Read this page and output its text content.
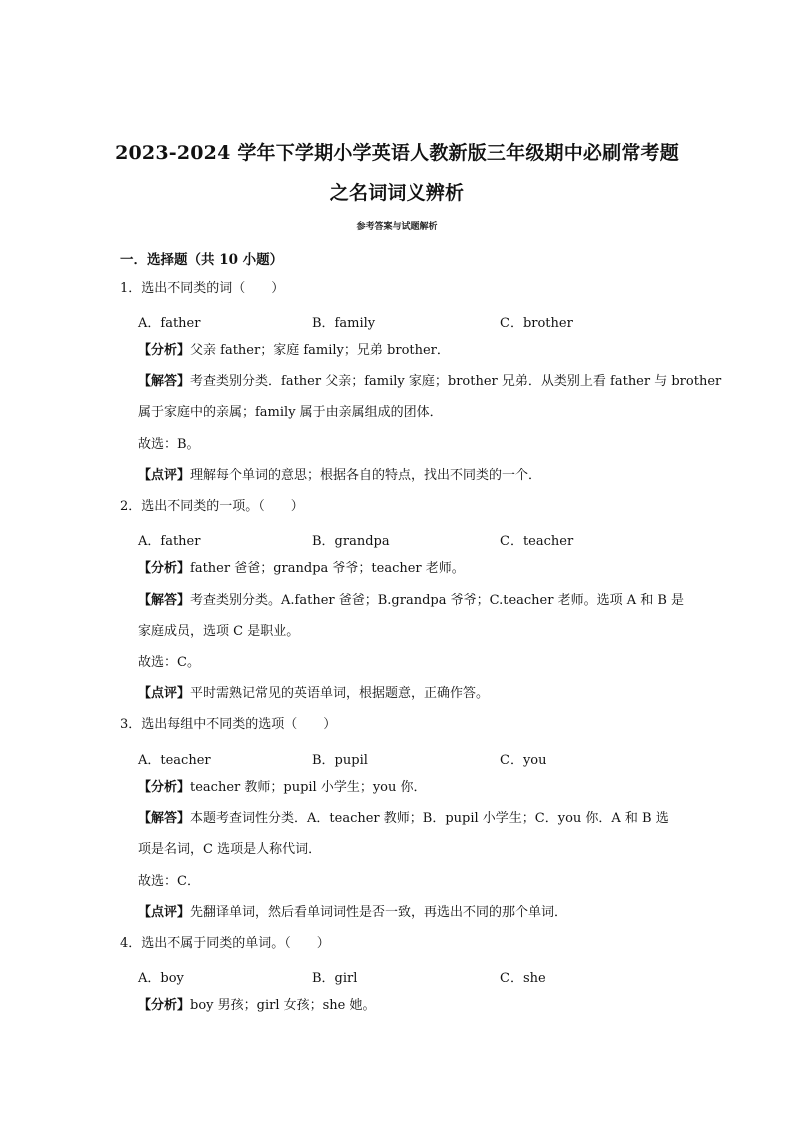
2023-2024 学年下学期小学英语人教新版三年级期中必刷常考题
之名词词义辨析
参考答案与试题解析
一．选择题（共 10 小题）
1．选出不同类的词（　　）
A．father	B．family	C．brother
【分析】父亲 father；家庭 family；兄弟 brother．
【解答】考查类别分类．father 父亲；family 家庭；brother 兄弟．从类别上看 father 与 brother
属于家庭中的亲属；family 属于由亲属组成的团体．
故选：B。
【点评】理解每个单词的意思；根据各自的特点，找出不同类的一个．
2．选出不同类的一项。（　　）
A．father	B．grandpa	C．teacher
【分析】father 爸爸；grandpa 爷爷；teacher 老师。
【解答】考查类别分类。A.father 爸爸；B.grandpa 爷爷；C.teacher 老师。选项 A 和 B 是
家庭成员，选项 C 是职业。
故选：C。
【点评】平时需熟记常见的英语单词，根据题意，正确作答。
3．选出每组中不同类的选项（　　）
A．teacher	B．pupil	C．you
【分析】teacher 教师；pupil 小学生；you 你．
【解答】本题考查词性分类．A．teacher 教师；B．pupil 小学生；C．you 你．A 和 B 选
项是名词，C 选项是人称代词．
故选：C．
【点评】先翻译单词，然后看单词词性是否一致，再选出不同的那个单词．
4．选出不属于同类的单词。（　　）
A．boy	B．girl	C．she
【分析】boy 男孩；girl 女孩；she 她。
